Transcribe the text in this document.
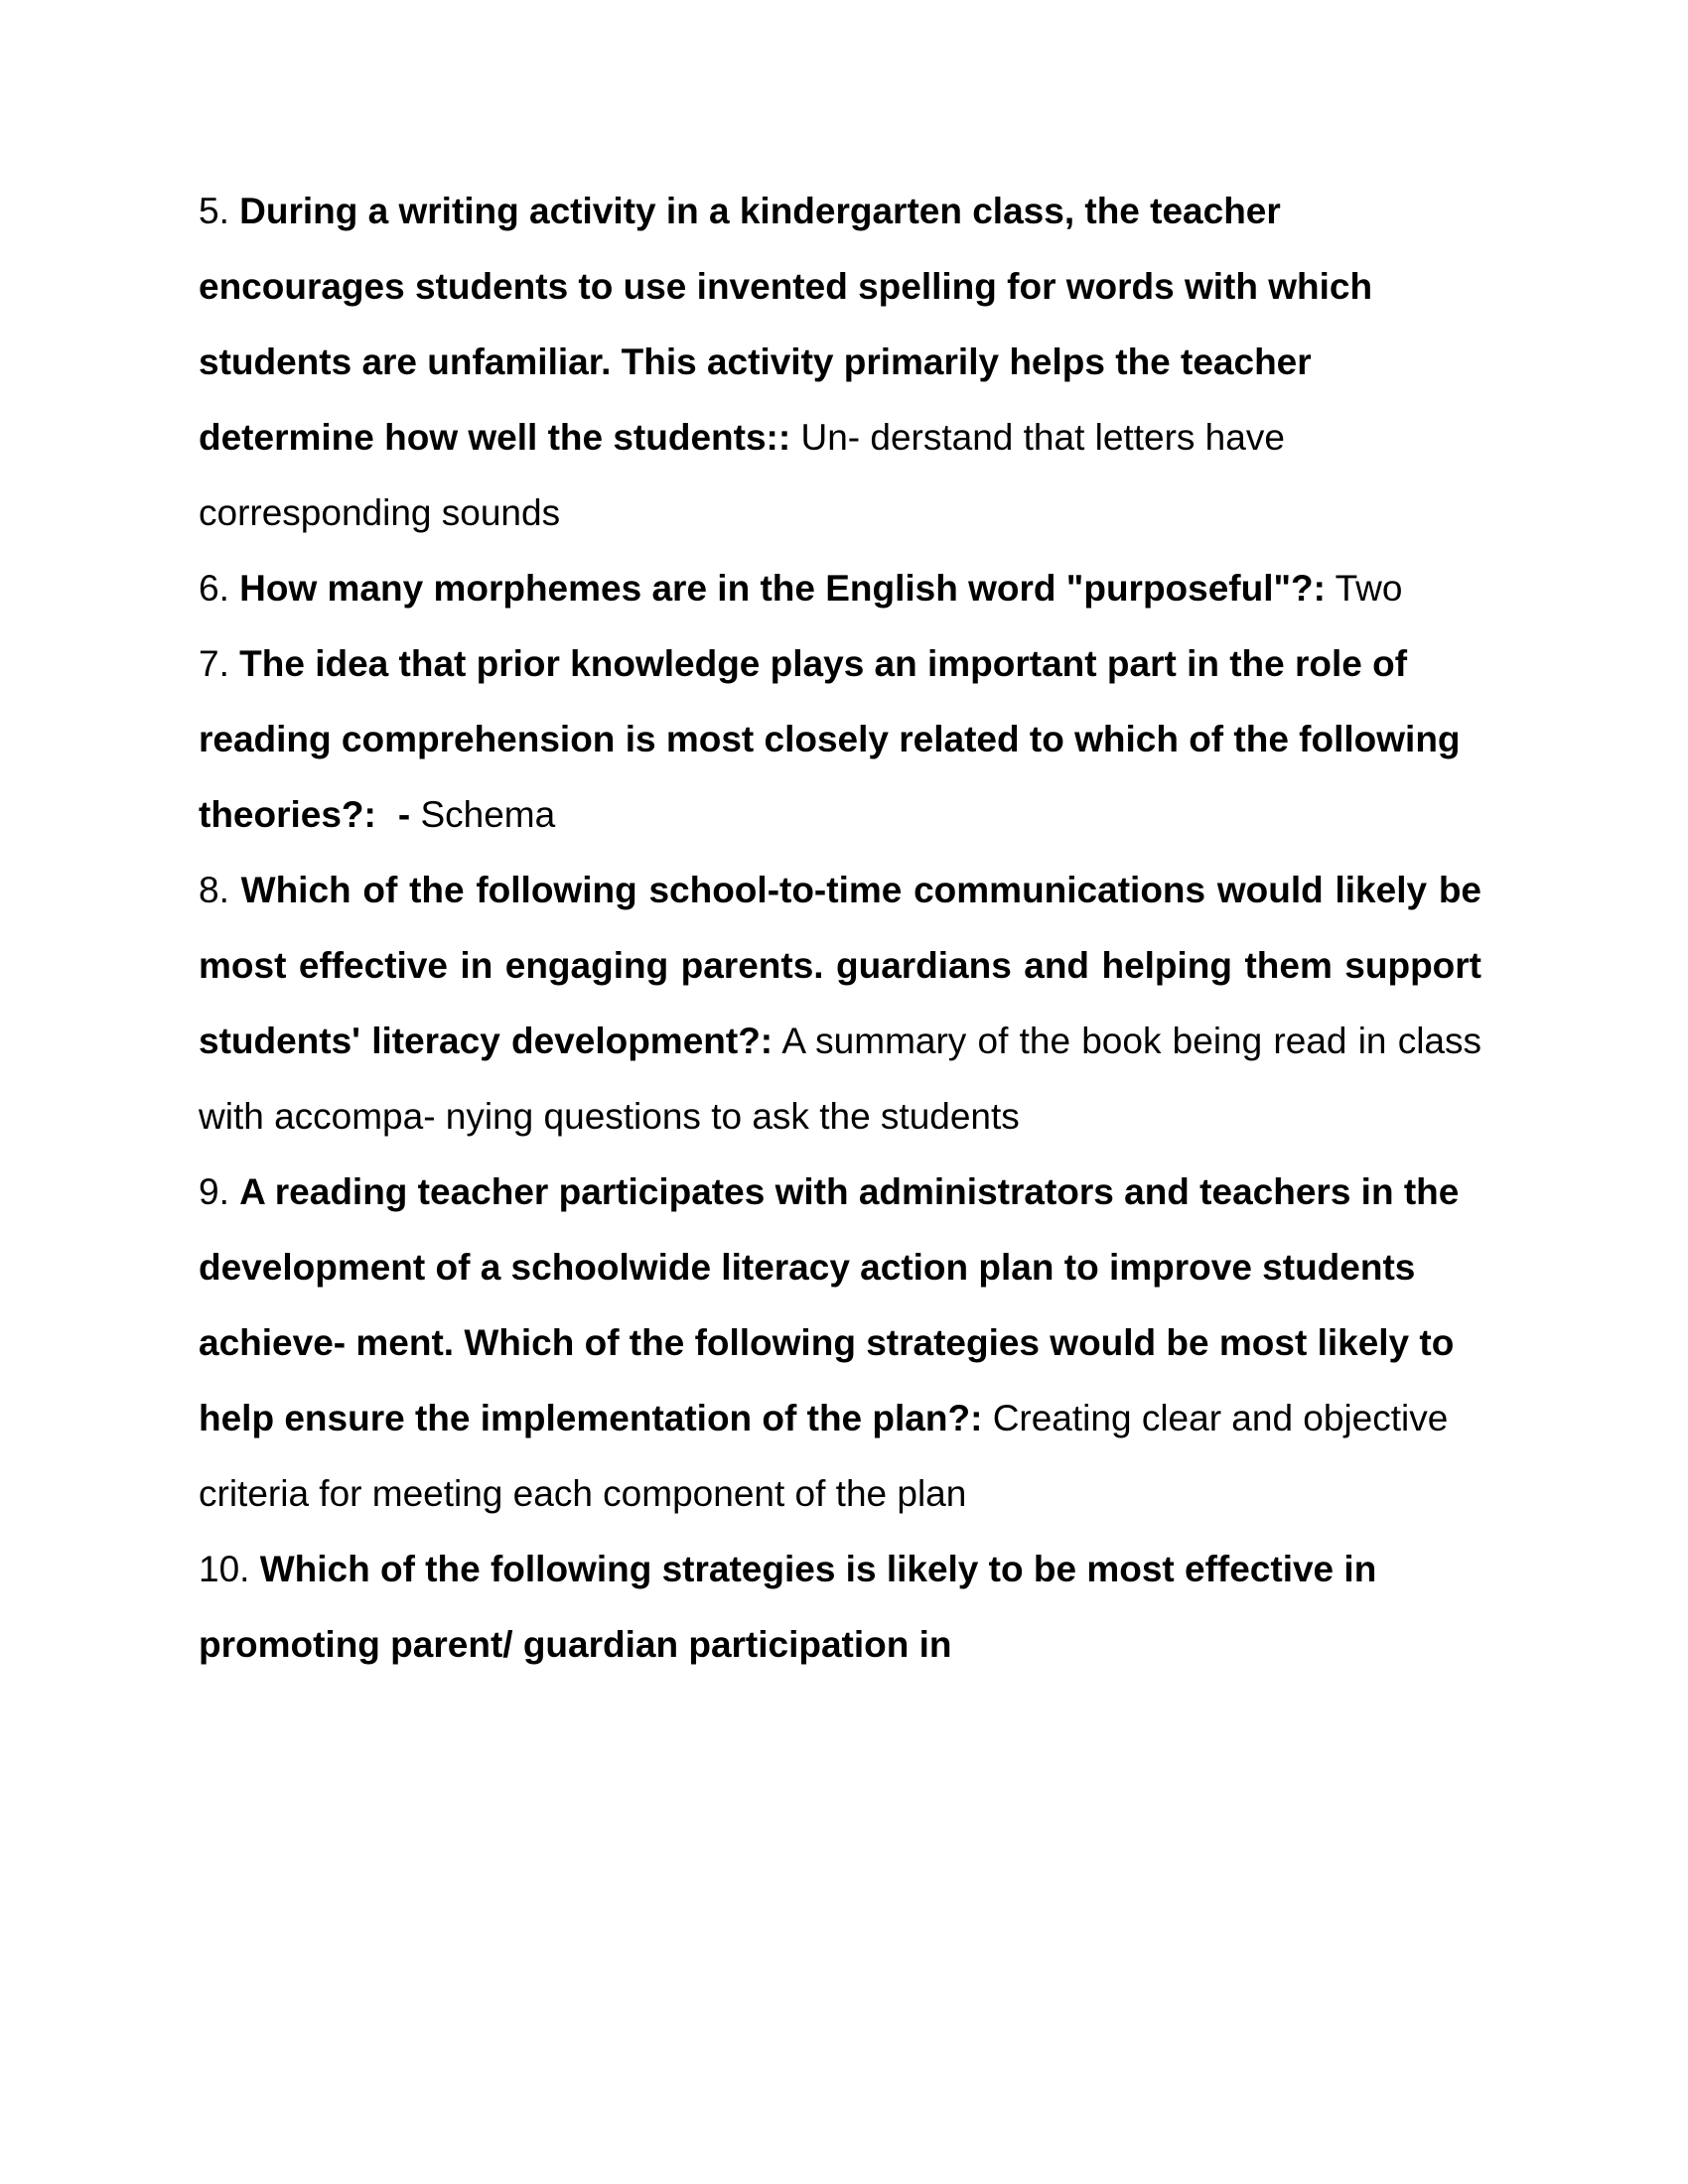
5. During a writing activity in a kindergarten class, the teacher encourages students to use invented spelling for words with which students are unfamiliar. This activity primarily helps the teacher determine how well the students:: Un- derstand that letters have corresponding sounds

6. How many morphemes are in the English word "purposeful"?: Two

7. The idea that prior knowledge plays an important part in the role of reading comprehension is most closely related to which of the following theories?: - Schema

8. Which of the following school-to-time communications would likely be most effective in engaging parents. guardians and helping them support students' literacy development?: A summary of the book being read in class with accompa- nying questions to ask the students

9. A reading teacher participates with administrators and teachers in the development of a schoolwide literacy action plan to improve students achieve- ment. Which of the following strategies would be most likely to help ensure the implementation of the plan?: Creating clear and objective criteria for meeting each component of the plan

10. Which of the following strategies is likely to be most effective in promoting parent/ guardian participation in
